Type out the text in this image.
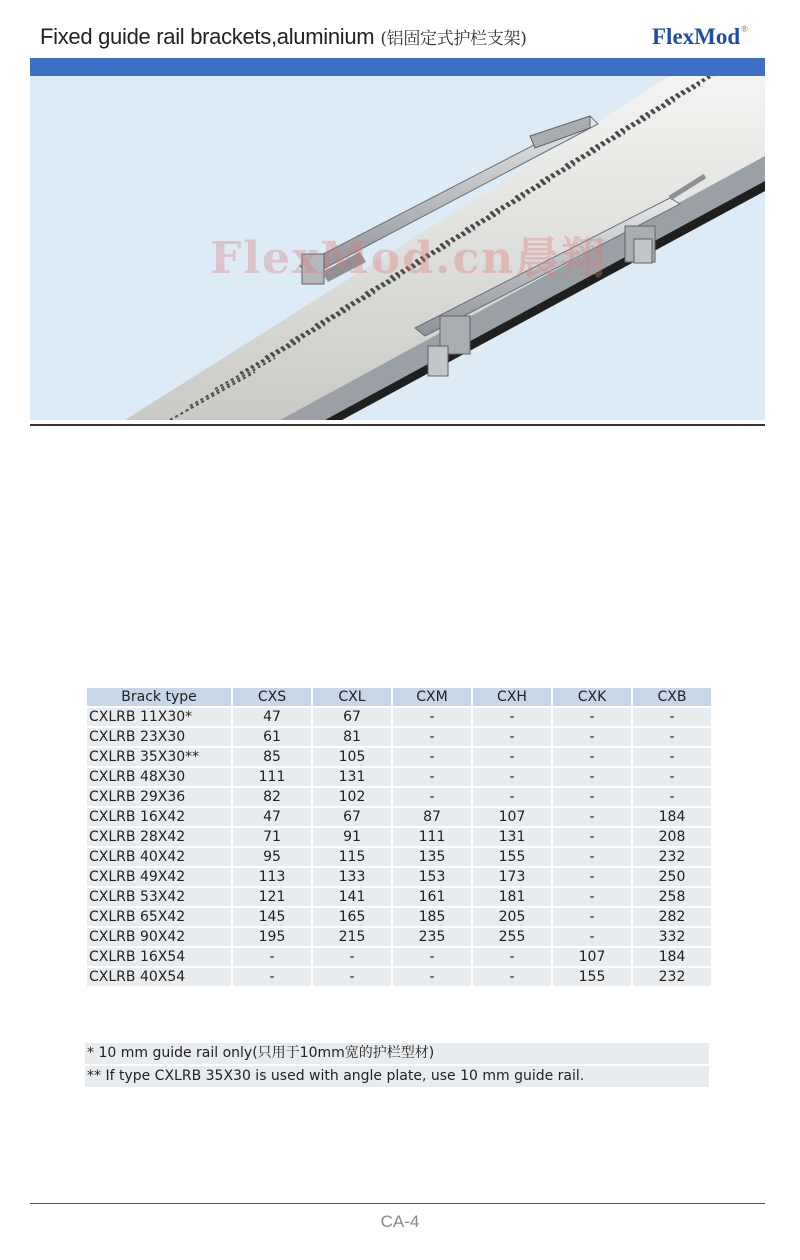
Fixed guide rail brackets,aluminium (铝固定式护栏支架)	FlexMod®
FlexMod.cn晨翔
Brack type	CXS	CXL	CXM	CXH	CXK	CXB
CXLRB 11X30*	47	67	-	-	-	-
CXLRB 23X30	61	81	-	-	-	-
CXLRB 35X30**	85	105	-	-	-	-
CXLRB 48X30	111	131	-	-	-	-
CXLRB 29X36	82	102	-	-	-	-
CXLRB 16X42	47	67	87	107	-	184
CXLRB 28X42	71	91	111	131	-	208
CXLRB 40X42	95	115	135	155	-	232
CXLRB 49X42	113	133	153	173	-	250
CXLRB 53X42	121	141	161	181	-	258
CXLRB 65X42	145	165	185	205	-	282
CXLRB 90X42	195	215	235	255	-	332
CXLRB 16X54	-	-	-	-	107	184
CXLRB 40X54	-	-	-	-	155	232
* 10 mm guide rail only(只用于10mm宽的护栏型材)
** If type CXLRB 35X30 is used with angle plate, use 10 mm guide rail.
CA-4
